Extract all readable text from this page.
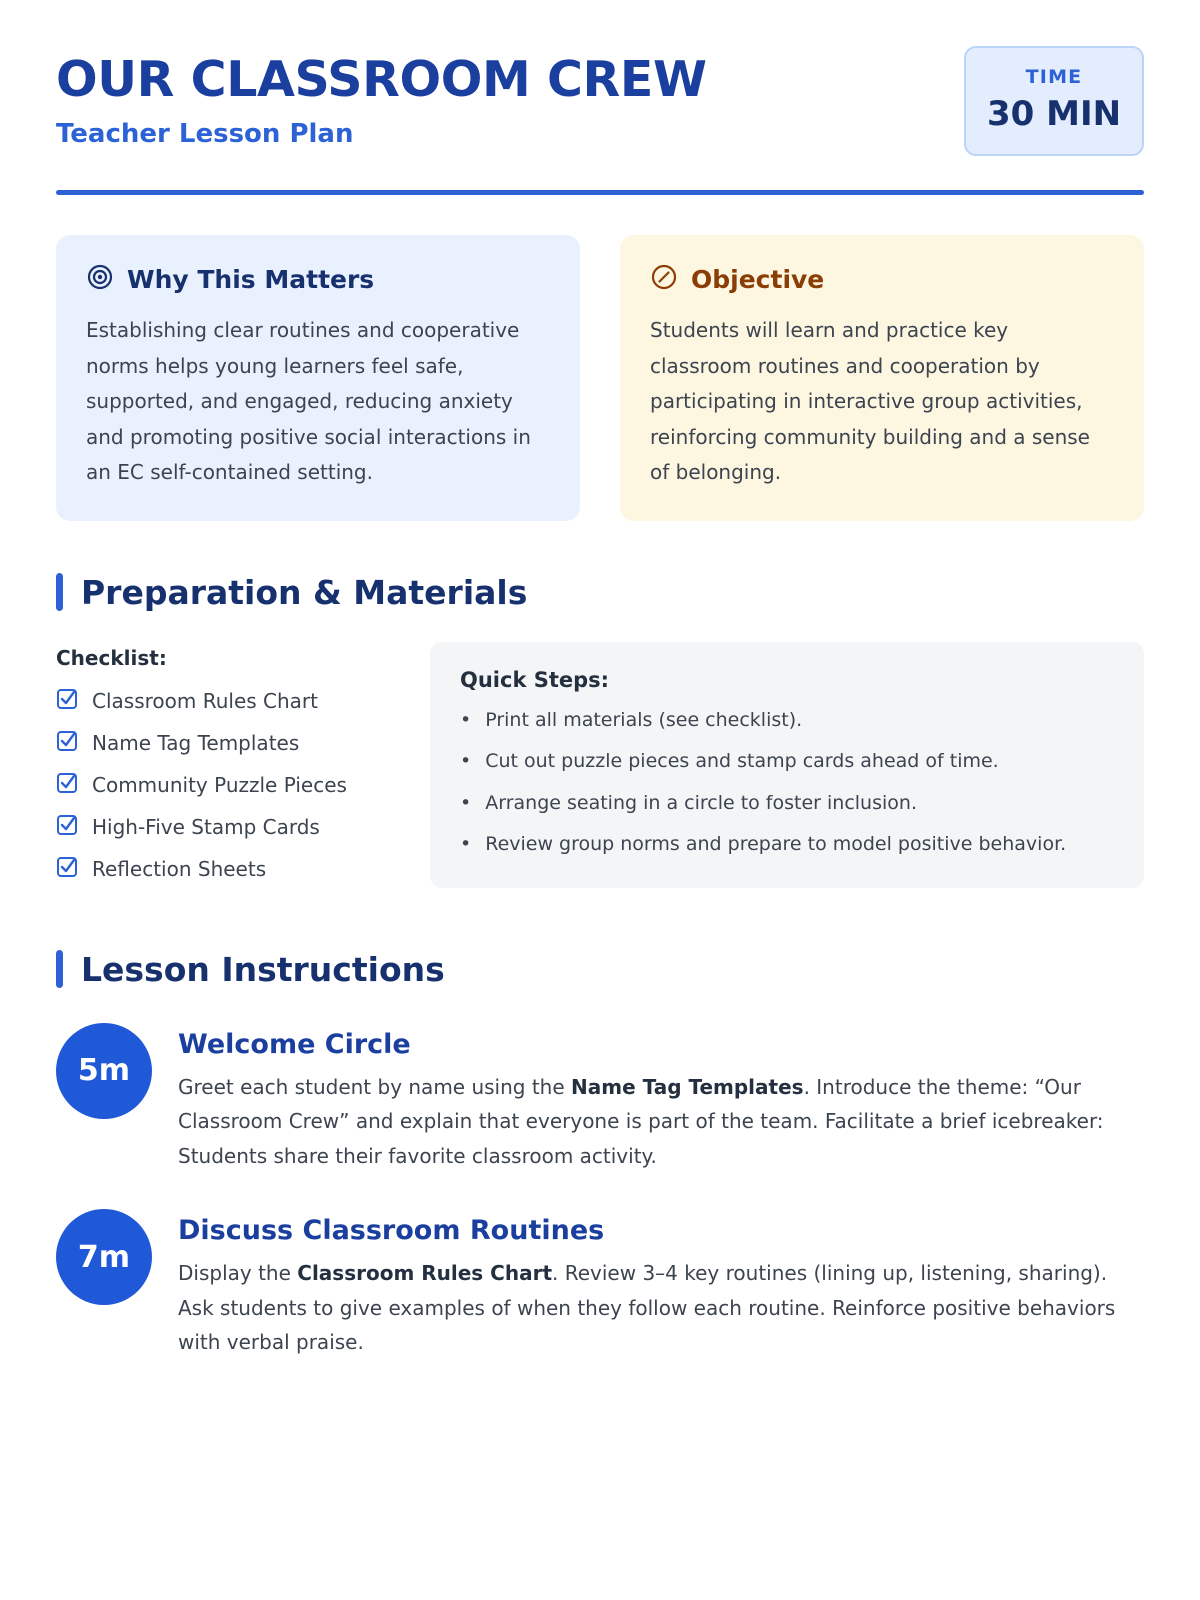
OUR CLASSROOM CREW
Teacher Lesson Plan
TIME
30 MIN
Why This Matters
Establishing clear routines and cooperative norms helps young learners feel safe, supported, and engaged, reducing anxiety and promoting positive social interactions in an EC self-contained setting.
Objective
Students will learn and practice key classroom routines and cooperation by participating in interactive group activities, reinforcing community building and a sense of belonging.
Preparation & Materials
Checklist:
Classroom Rules Chart
Name Tag Templates
Community Puzzle Pieces
High-Five Stamp Cards
Reflection Sheets
Quick Steps:
• Print all materials (see checklist).
• Cut out puzzle pieces and stamp cards ahead of time.
• Arrange seating in a circle to foster inclusion.
• Review group norms and prepare to model positive behavior.
Lesson Instructions
5m
Welcome Circle
Greet each student by name using the Name Tag Templates. Introduce the theme: “Our Classroom Crew” and explain that everyone is part of the team. Facilitate a brief icebreaker: Students share their favorite classroom activity.
7m
Discuss Classroom Routines
Display the Classroom Rules Chart. Review 3–4 key routines (lining up, listening, sharing). Ask students to give examples of when they follow each routine. Reinforce positive behaviors with verbal praise.
